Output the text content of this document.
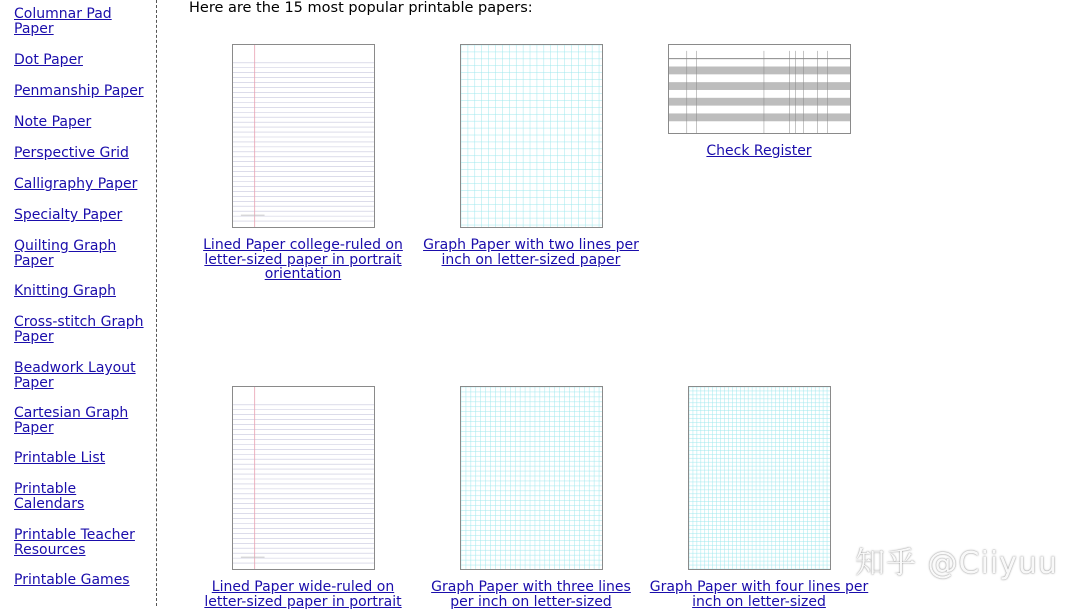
Columnar Pad Paper
Dot Paper
Penmanship Paper
Note Paper
Perspective Grid
Calligraphy Paper
Specialty Paper
Quilting Graph Paper
Knitting Graph
Cross-stitch Graph Paper
Beadwork Layout Paper
Cartesian Graph Paper
Printable List
Printable Calendars
Printable Teacher Resources
Printable Games
Here are the 15 most popular printable papers:
Lined Paper college-ruled on letter-sized paper in portrait orientation
Graph Paper with two lines per inch on letter-sized paper
Check Register
Lined Paper wide-ruled on letter-sized paper in portrait
Graph Paper with three lines per inch on letter-sized
Graph Paper with four lines per inch on letter-sized
知乎 @Ciiyuu
